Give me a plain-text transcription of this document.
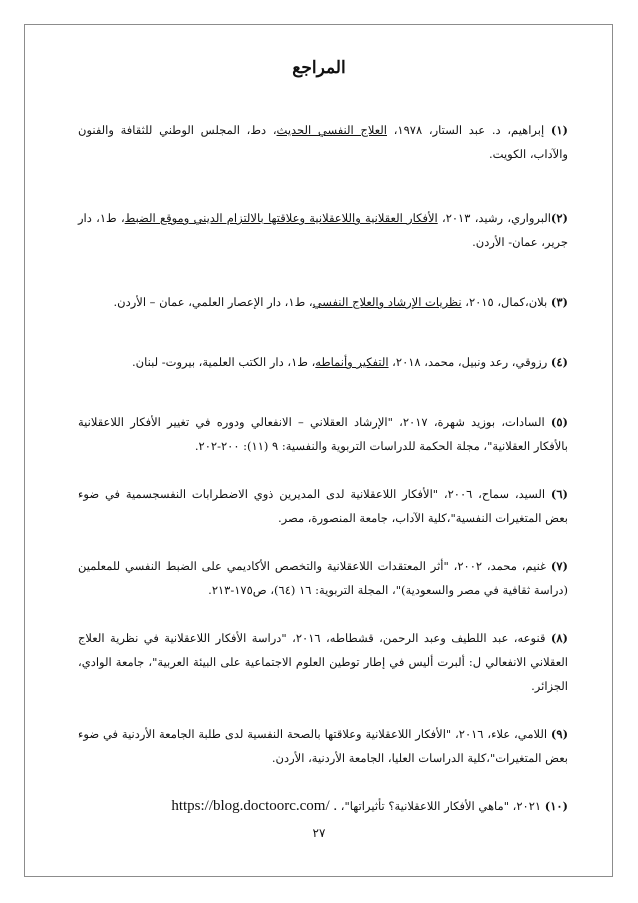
المراجع
(١) إبراهيم، د. عبد الستار، ١٩٧٨، العلاج النفسي الحديث، دط، المجلس الوطني للثقافة والفنون والآداب، الكويت.
(٢)البرواري، رشيد، ٢٠١٣، الأفكار العقلانية واللاعقلانية وعلاقتها بالالتزام الديني وموقع الضبط، ط١، دار جرير، عمان- الأردن.
(٣) بلان،كمال، ٢٠١٥، نظريات الإرشاد والعلاج النفسي، ط١، دار الإعصار العلمي، عمان – الأردن.
(٤) رزوقي، رعد ونبيل، محمد، ٢٠١٨، التفكير وأنماطه، ط١، دار الكتب العلمية، بيروت- لبنان.
(٥) السادات، بوزيد شهرة، ٢٠١٧، "الإرشاد العقلاني – الانفعالي ودوره في تغيير الأفكار اللاعقلانية بالأفكار العقلانية"، مجلة الحكمة للدراسات التربوية والنفسية: ٩ (١١): ٢٠٠-٢٠٢.
(٦) السيد، سماح، ٢٠٠٦، "الأفكار اللاعقلانية لدى المديرين ذوي الاضطرابات النفسجسمية في ضوء بعض المتغيرات النفسية"،كلية الآداب، جامعة المنصورة، مصر.
(٧) غنيم، محمد، ٢٠٠٢، "أثر المعتقدات اللاعقلانية والتخصص الأكاديمي على الضبط النفسي للمعلمين (دراسة ثقافية في مصر والسعودية)"، المجلة التربوية: ١٦ (٦٤)، ص١٧٥-٢١٣.
(٨) قنوعه، عبد اللطيف وعبد الرحمن، قشطاطه، ٢٠١٦، "دراسة الأفكار اللاعقلانية في نظرية العلاج العقلاني الانفعالي ل: ألبرت أليس في إطار توطين العلوم الاجتماعية على البيئة العربية"، جامعة الوادي، الجزائر.
(٩) اللامي، علاء، ٢٠١٦، "الأفكار اللاعقلانية وعلاقتها بالصحة النفسية لدى طلبة الجامعة الأردنية في ضوء بعض المتغيرات"،كلية الدراسات العليا، الجامعة الأردنية، الأردن.
(١٠) ٢٠٢١، "ماهي الأفكار اللاعقلانية؟ تأثيراتها"، https://blog.doctoorc.com/ .
٢٧
